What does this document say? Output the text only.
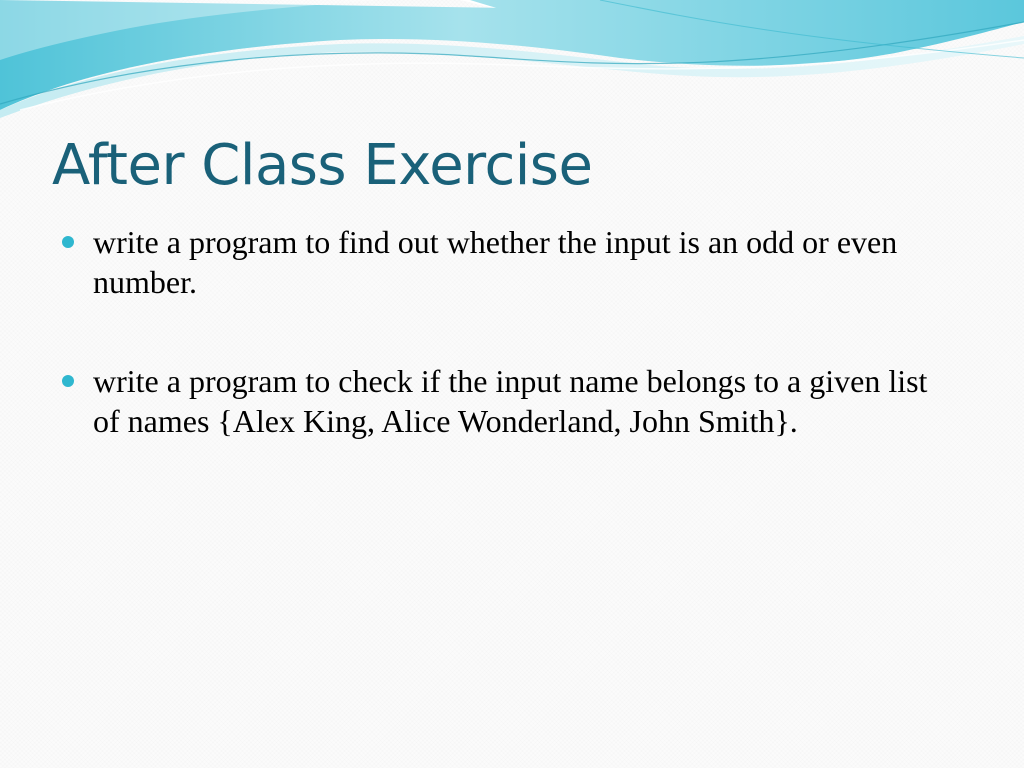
After Class Exercise
write a program to find out whether the input is an odd or even number.
write a program to check if the input name belongs to a given list of names {Alex King, Alice Wonderland, John Smith}.
